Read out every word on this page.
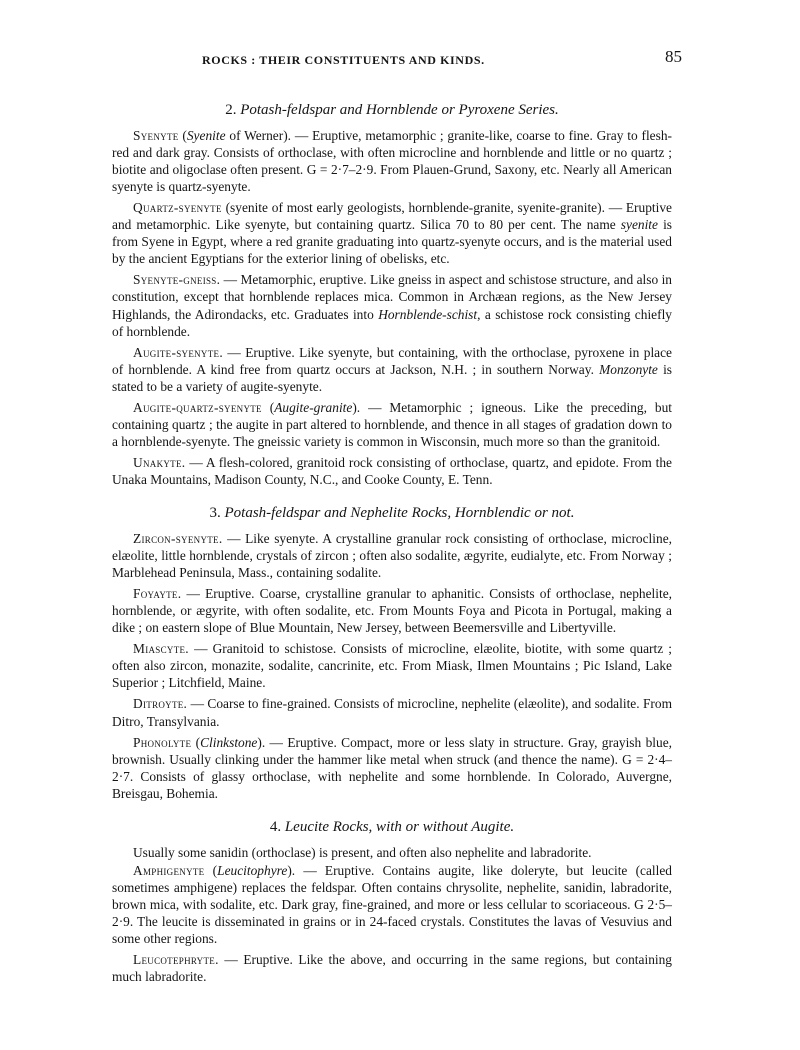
ROCKS : THEIR CONSTITUENTS AND KINDS.	85
2. Potash-feldspar and Hornblende or Pyroxene Series.

Syenyte (Syenite of Werner). — Eruptive, metamorphic ; granite-like, coarse to fine. Gray to flesh-red and dark gray. Consists of orthoclase, with often microcline and hornblende and little or no quartz ; biotite and oligoclase often present. G = 2·7–2·9. From Plauen-Grund, Saxony, etc. Nearly all American syenyte is quartz-syenyte.

Quartz-syenyte (syenite of most early geologists, hornblende-granite, syenite-granite). — Eruptive and metamorphic. Like syenyte, but containing quartz. Silica 70 to 80 per cent. The name syenite is from Syene in Egypt, where a red granite graduating into quartz-syenyte occurs, and is the material used by the ancient Egyptians for the exterior lining of obelisks, etc.

Syenyte-gneiss. — Metamorphic, eruptive. Like gneiss in aspect and schistose structure, and also in constitution, except that hornblende replaces mica. Common in Archæan regions, as the New Jersey Highlands, the Adirondacks, etc. Graduates into Hornblende-schist, a schistose rock consisting chiefly of hornblende.

Augite-syenyte. — Eruptive. Like syenyte, but containing, with the orthoclase, pyroxene in place of hornblende. A kind free from quartz occurs at Jackson, N.H. ; in southern Norway. Monzonyte is stated to be a variety of augite-syenyte.

Augite-quartz-syenyte (Augite-granite). — Metamorphic ; igneous. Like the preceding, but containing quartz ; the augite in part altered to hornblende, and thence in all stages of gradation down to a hornblende-syenyte. The gneissic variety is common in Wisconsin, much more so than the granitoid.

Unakyte. — A flesh-colored, granitoid rock consisting of orthoclase, quartz, and epidote. From the Unaka Mountains, Madison County, N.C., and Cooke County, E. Tenn.

3. Potash-feldspar and Nephelite Rocks, Hornblendic or not.

Zircon-syenyte. — Like syenyte. A crystalline granular rock consisting of orthoclase, microcline, elæolite, little hornblende, crystals of zircon ; often also sodalite, ægyrite, eudialyte, etc. From Norway ; Marblehead Peninsula, Mass., containing sodalite.

Foyayte. — Eruptive. Coarse, crystalline granular to aphanitic. Consists of orthoclase, nephelite, hornblende, or ægyrite, with often sodalite, etc. From Mounts Foya and Picota in Portugal, making a dike ; on eastern slope of Blue Mountain, New Jersey, between Beemersville and Libertyville.

Miascyte. — Granitoid to schistose. Consists of microcline, elæolite, biotite, with some quartz ; often also zircon, monazite, sodalite, cancrinite, etc. From Miask, Ilmen Mountains ; Pic Island, Lake Superior ; Litchfield, Maine.

Ditroyte. — Coarse to fine-grained. Consists of microcline, nephelite (elæolite), and sodalite. From Ditro, Transylvania.

Phonolyte (Clinkstone). — Eruptive. Compact, more or less slaty in structure. Gray, grayish blue, brownish. Usually clinking under the hammer like metal when struck (and thence the name). G = 2·4–2·7. Consists of glassy orthoclase, with nephelite and some hornblende. In Colorado, Auvergne, Breisgau, Bohemia.

4. Leucite Rocks, with or without Augite.

Usually some sanidin (orthoclase) is present, and often also nephelite and labradorite.

Amphigenyte (Leucitophyre). — Eruptive. Contains augite, like doleryte, but leucite (called sometimes amphigene) replaces the feldspar. Often contains chrysolite, nephelite, sanidin, labradorite, brown mica, with sodalite, etc. Dark gray, fine-grained, and more or less cellular to scoriaceous. G 2·5–2·9. The leucite is disseminated in grains or in 24-faced crystals. Constitutes the lavas of Vesuvius and some other regions.

Leucotephryte. — Eruptive. Like the above, and occurring in the same regions, but containing much labradorite.
